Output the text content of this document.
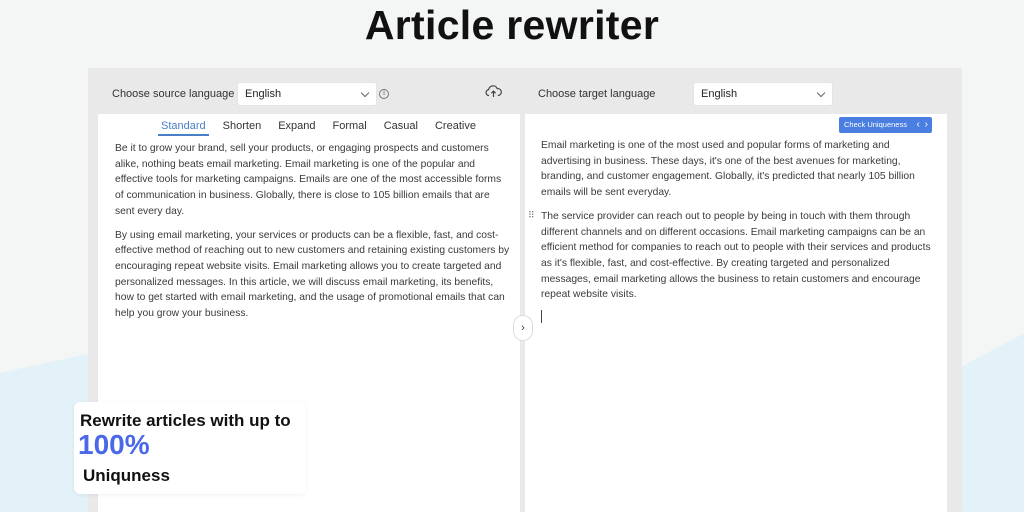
Article rewriter
Choose source language English	i	Choose target language	English
Standard Shorten Expand Formal Casual Creative

Be it to grow your brand, sell your products, or engaging prospects and customers alike, nothing beats email marketing. Email marketing is one of the popular and effective tools for marketing campaigns. Emails are one of the most accessible forms of communication in business. Globally, there is close to 105 billion emails that are sent every day.

By using email marketing, your services or products can be a flexible, fast, and cost-effective method of reaching out to new customers and retaining existing customers by encouraging repeat website visits. Email marketing allows you to create targeted and personalized messages. In this article, we will discuss email marketing, its benefits, how to get started with email marketing, and the usage of promotional emails that can help you grow your business.

Check Uniqueness ‹ ›

Email marketing is one of the most used and popular forms of marketing and advertising in business. These days, it's one of the best avenues for marketing, branding, and customer engagement. Globally, it's predicted that nearly 105 billion emails will be sent everyday.

The service provider can reach out to people by being in touch with them through different channels and on different occasions. Email marketing campaigns can be an efficient method for companies to reach out to people with their services and products as it's flexible, fast, and cost-effective. By creating targeted and personalized messages, email marketing allows the business to retain customers and encourage repeat website visits.

⠿
›
Rewrite articles with up to
100%
Uniquness
